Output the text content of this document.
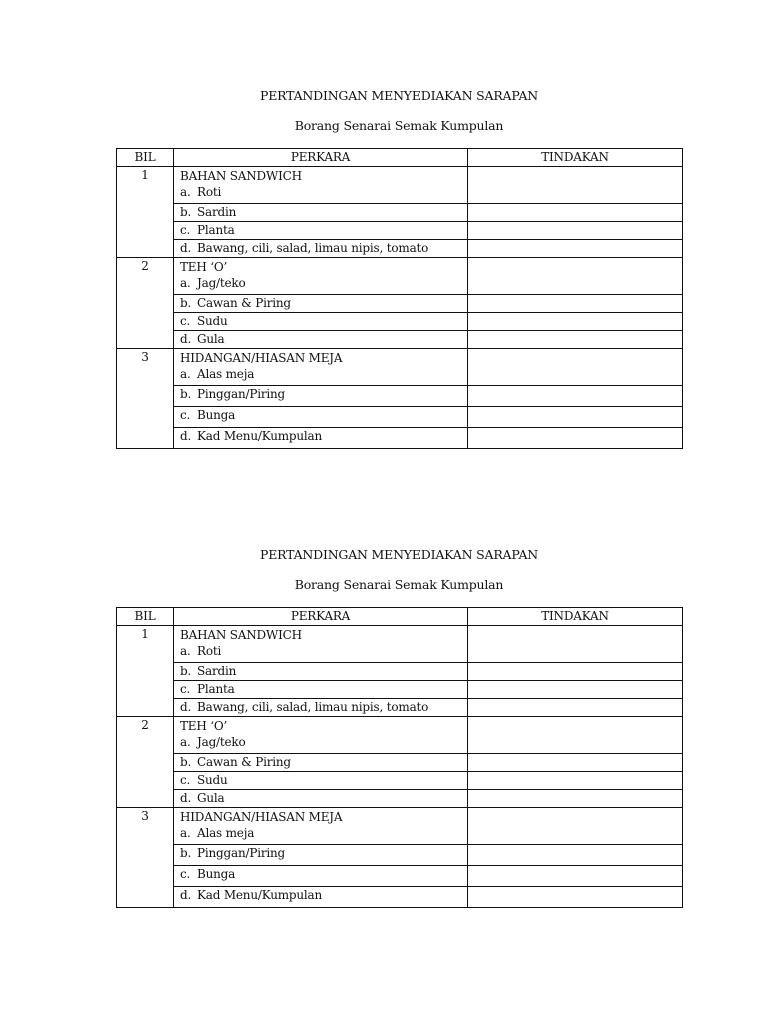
PERTANDINGAN MENYEDIAKAN SARAPAN
Borang Senarai Semak Kumpulan
BIL	PERKARA	TINDAKAN
1	BAHAN SANDWICH
a. Roti	

	b. Sardin	
	c. Planta	
	d. Bawang, cili, salad, limau nipis, tomato	
2	TEH ‘O’
a. Jag/teko	

	b. Cawan & Piring	
	c. Sudu	
	d. Gula	
3	HIDANGAN/HIASAN MEJA
a. Alas meja	

	b. Pinggan/Piring	
	c. Bunga	
	d. Kad Menu/Kumpulan	
PERTANDINGAN MENYEDIAKAN SARAPAN
Borang Senarai Semak Kumpulan
BIL	PERKARA	TINDAKAN
1	BAHAN SANDWICH
a. Roti	

	b. Sardin	
	c. Planta	
	d. Bawang, cili, salad, limau nipis, tomato	
2	TEH ‘O’
a. Jag/teko	

	b. Cawan & Piring	
	c. Sudu	
	d. Gula	
3	HIDANGAN/HIASAN MEJA
a. Alas meja	

	b. Pinggan/Piring	
	c. Bunga	
	d. Kad Menu/Kumpulan	
